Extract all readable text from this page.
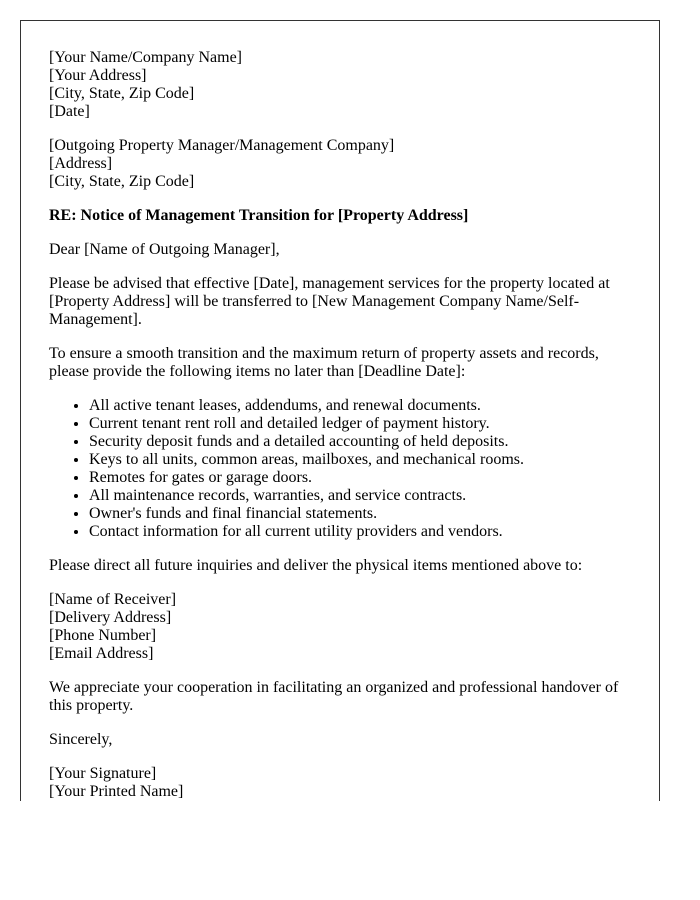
[Your Name/Company Name]
[Your Address]
[City, State, Zip Code]
[Date]
[Outgoing Property Manager/Management Company]
[Address]
[City, State, Zip Code]
RE: Notice of Management Transition for [Property Address]

Dear [Name of Outgoing Manager],

Please be advised that effective [Date], management services for the property located at [Property Address] will be transferred to [New Management Company Name/Self-Management].

To ensure a smooth transition and the maximum return of property assets and records, please provide the following items no later than [Deadline Date]:

• All active tenant leases, addendums, and renewal documents.
• Current tenant rent roll and detailed ledger of payment history.
• Security deposit funds and a detailed accounting of held deposits.
• Keys to all units, common areas, mailboxes, and mechanical rooms.
• Remotes for gates or garage doors.
• All maintenance records, warranties, and service contracts.
• Owner's funds and final financial statements.
• Contact information for all current utility providers and vendors.

Please direct all future inquiries and deliver the physical items mentioned above to:

[Name of Receiver]
[Delivery Address]
[Phone Number]
[Email Address]

We appreciate your cooperation in facilitating an organized and professional handover of this property.

Sincerely,

[Your Signature]
[Your Printed Name]
